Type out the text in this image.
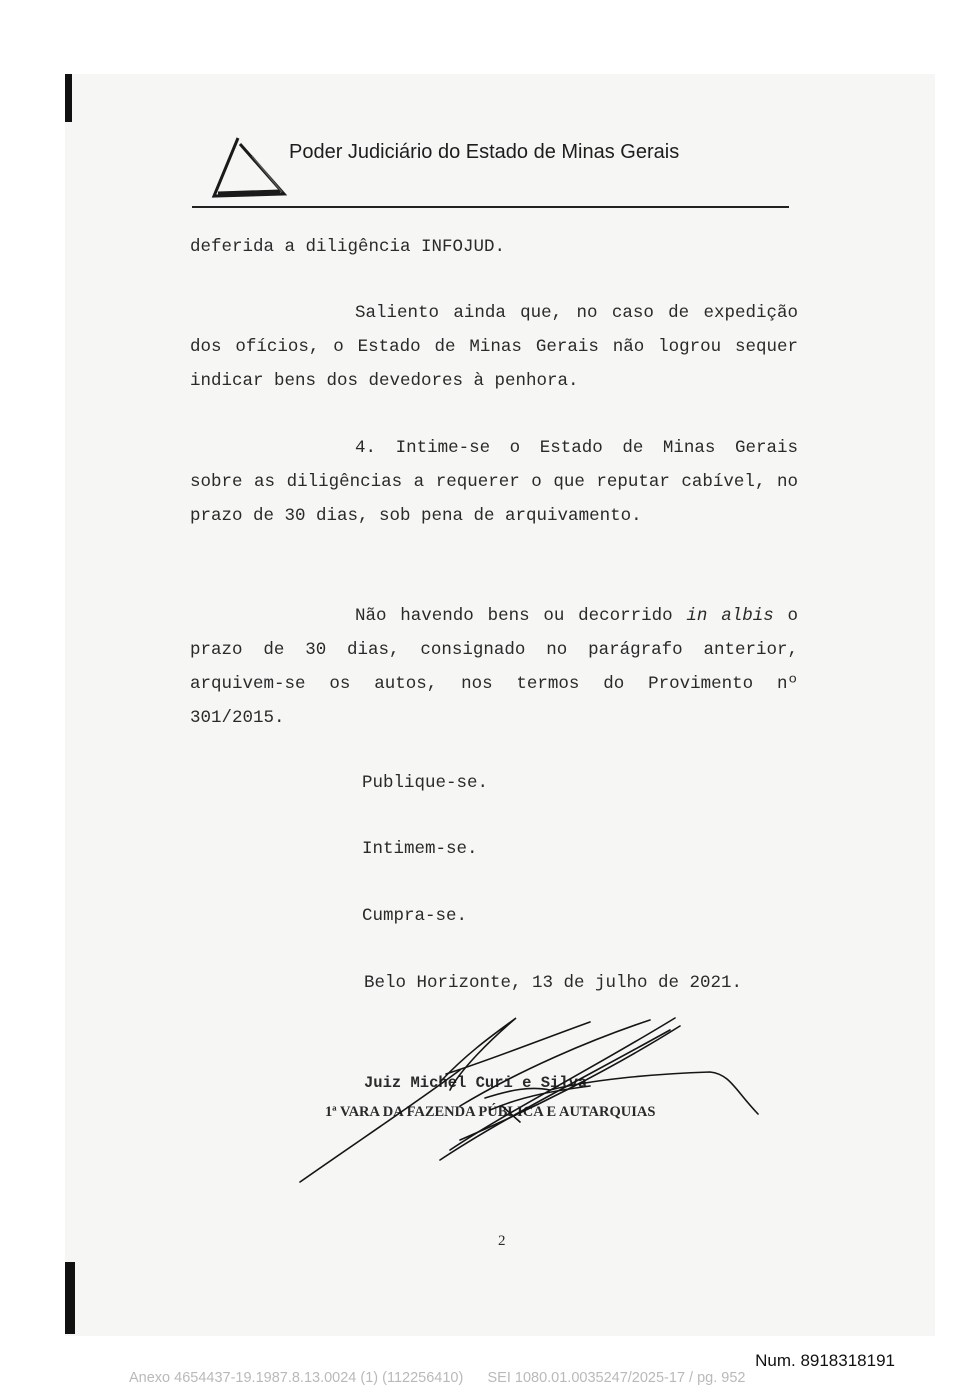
Poder Judiciário do Estado de Minas Gerais
deferida a diligência INFOJUD.
Saliento ainda que, no caso de expedição dos ofícios, o Estado de Minas Gerais não logrou sequer indicar bens dos devedores à penhora.
4. Intime-se o Estado de Minas Gerais sobre as diligências a requerer o que reputar cabível, no prazo de 30 dias, sob pena de arquivamento.
Não havendo bens ou decorrido in albis o prazo de 30 dias, consignado no parágrafo anterior, arquivem-se os autos, nos termos do Provimento nº 301/2015.
Publique-se.
Intimem-se.
Cumpra-se.
Belo Horizonte, 13 de julho de 2021.
Juiz Michel Curi e Silva
1ª VARA DA FAZENDA PÚBLICA E AUTARQUIAS
2
Num. 8918318191
Anexo 4654437-19.1987.8.13.0024 (1) (112256410)      SEI 1080.01.0035247/2025-17 / pg. 952
